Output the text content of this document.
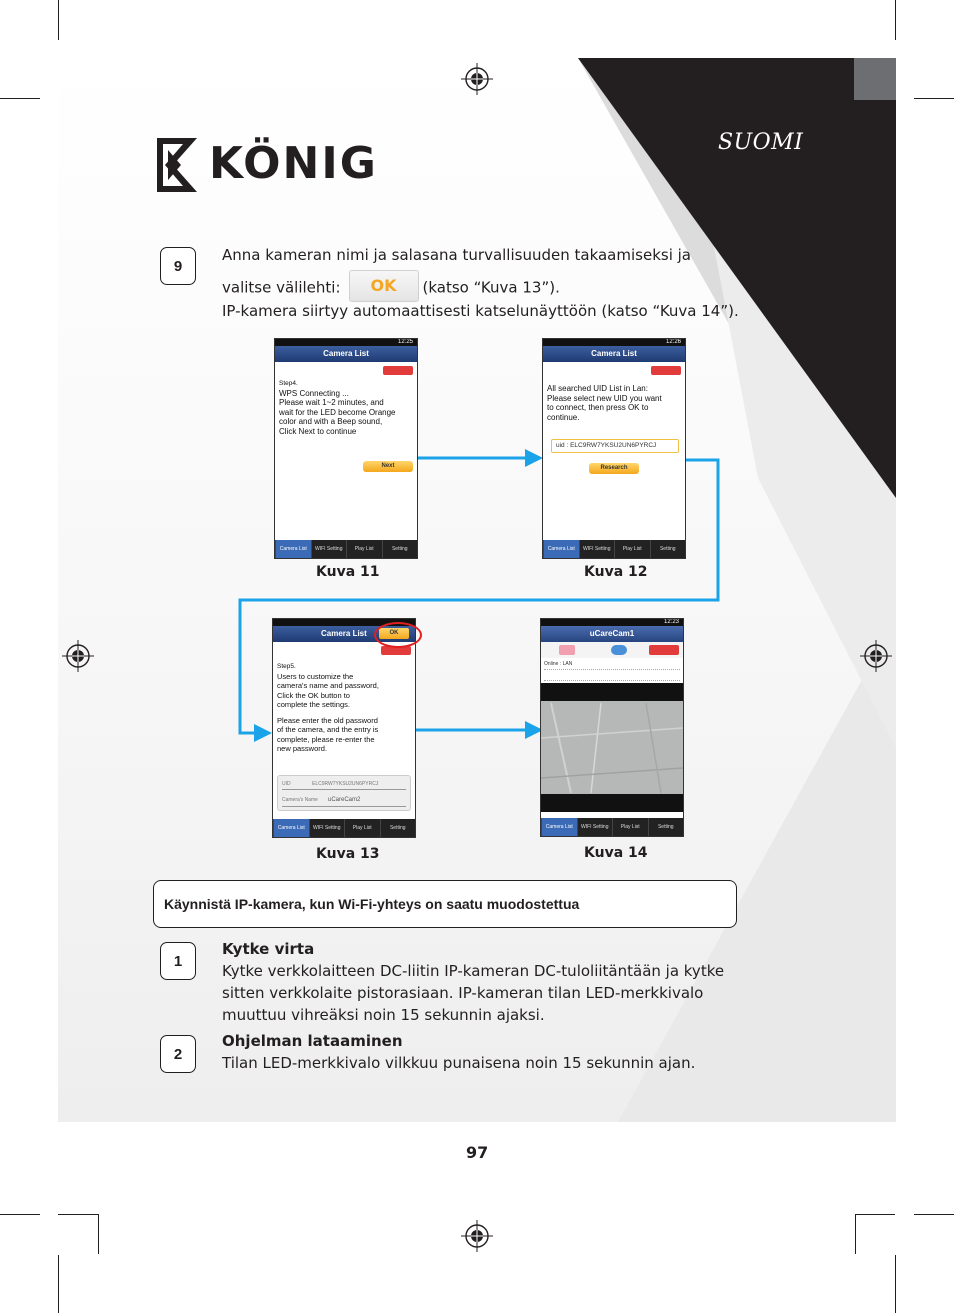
KÖNIG	SUOMI
9
Anna kameran nimi ja salasana turvallisuuden takaamiseksi ja
valitse välilehti: OK (katso “Kuva 13”).
IP-kamera siirtyy automaattisesti katselunäyttöön (katso “Kuva 14”).
12:25
Camera List
Step4.
WPS Connecting ...
Please wait 1~2 minutes, and
wait for the LED become Orange
color and with a Beep sound,
Click Next to continue
Next
Camera List	WIFI Setting	Play List	Setting
Kuva 11
12:26
Camera List
All searched UID List in Lan:
Please select new UID you want
to connect, then press OK to
continue.
uid : ELC9RW7YKSU2UN6PYRCJ
Research
Camera List	WIFI Setting	Play List	Setting
Kuva 12
Camera List	OK
Step5.
Users to customize the
camera's name and password,
Click the OK button to
complete the settings.
Please enter the old password
of the camera, and the entry is
complete, please re-enter the
new password.
UID	ELC9RW7YKSU2UN6PYRCJ
Camera's Name uCareCam2
Camera List	WIFI Setting	Play List	Setting
Kuva 13
12:23
uCareCam1
Online : LAN
Camera List	WIFI Setting	Play List	Setting
Kuva 14
Käynnistä IP-kamera, kun Wi-Fi-yhteys on saatu muodostettua
1
Kytke virta
Kytke verkkolaitteen DC-liitin IP-kameran DC-tuloliitäntään ja kytke
sitten verkkolaite pistorasiaan. IP-kameran tilan LED-merkkivalo
muuttuu vihreäksi noin 15 sekunnin ajaksi.
2
Ohjelman lataaminen
Tilan LED-merkkivalo vilkkuu punaisena noin 15 sekunnin ajan.
97
